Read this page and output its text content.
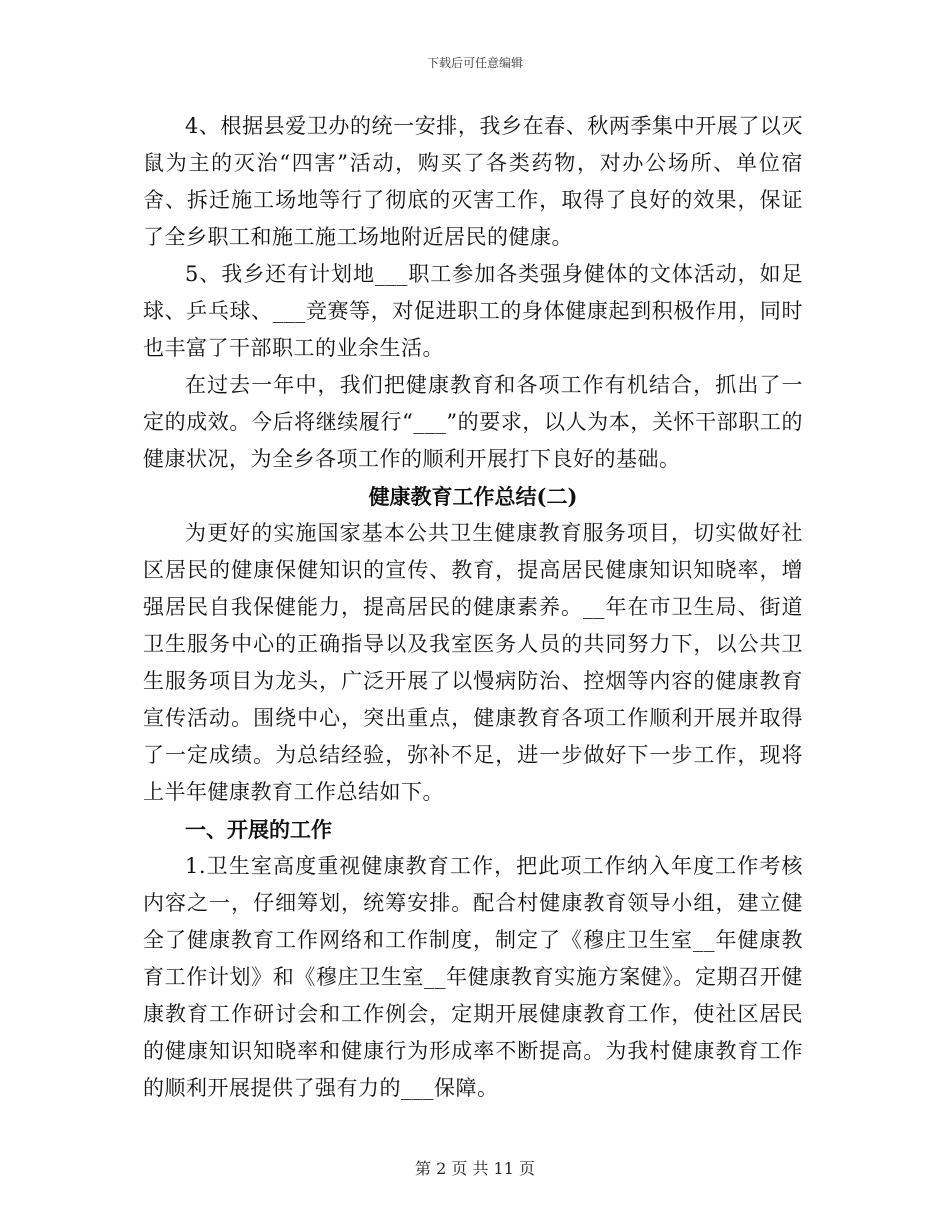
下载后可任意编辑

4、根据县爱卫办的统一安排，我乡在春、秋两季集中开展了以灭鼠为主的灭治“四害”活动，购买了各类药物，对办公场所、单位宿舍、拆迁施工场地等行了彻底的灭害工作，取得了良好的效果，保证了全乡职工和施工施工场地附近居民的健康。

5、我乡还有计划地___职工参加各类强身健体的文体活动，如足球、乒乓球、___竞赛等，对促进职工的身体健康起到积极作用，同时也丰富了干部职工的业余生活。

在过去一年中，我们把健康教育和各项工作有机结合，抓出了一定的成效。今后将继续履行“___”的要求，以人为本，关怀干部职工的健康状况，为全乡各项工作的顺利开展打下良好的基础。

健康教育工作总结(二)

为更好的实施国家基本公共卫生健康教育服务项目，切实做好社区居民的健康保健知识的宣传、教育，提高居民健康知识知晓率，增强居民自我保健能力，提高居民的健康素养。__年在市卫生局、街道卫生服务中心的正确指导以及我室医务人员的共同努力下，以公共卫生服务项目为龙头，广泛开展了以慢病防治、控烟等内容的健康教育宣传活动。围绕中心，突出重点，健康教育各项工作顺利开展并取得了一定成绩。为总结经验，弥补不足，进一步做好下一步工作，现将上半年健康教育工作总结如下。

一、开展的工作

1.卫生室高度重视健康教育工作，把此项工作纳入年度工作考核内容之一，仔细筹划，统筹安排。配合村健康教育领导小组，建立健全了健康教育工作网络和工作制度，制定了《穆庄卫生室__年健康教育工作计划》和《穆庄卫生室__年健康教育实施方案健》。定期召开健康教育工作研讨会和工作例会，定期开展健康教育工作，使社区居民的健康知识知晓率和健康行为形成率不断提高。为我村健康教育工作的顺利开展提供了强有力的___保障。

第 2 页 共 11 页
